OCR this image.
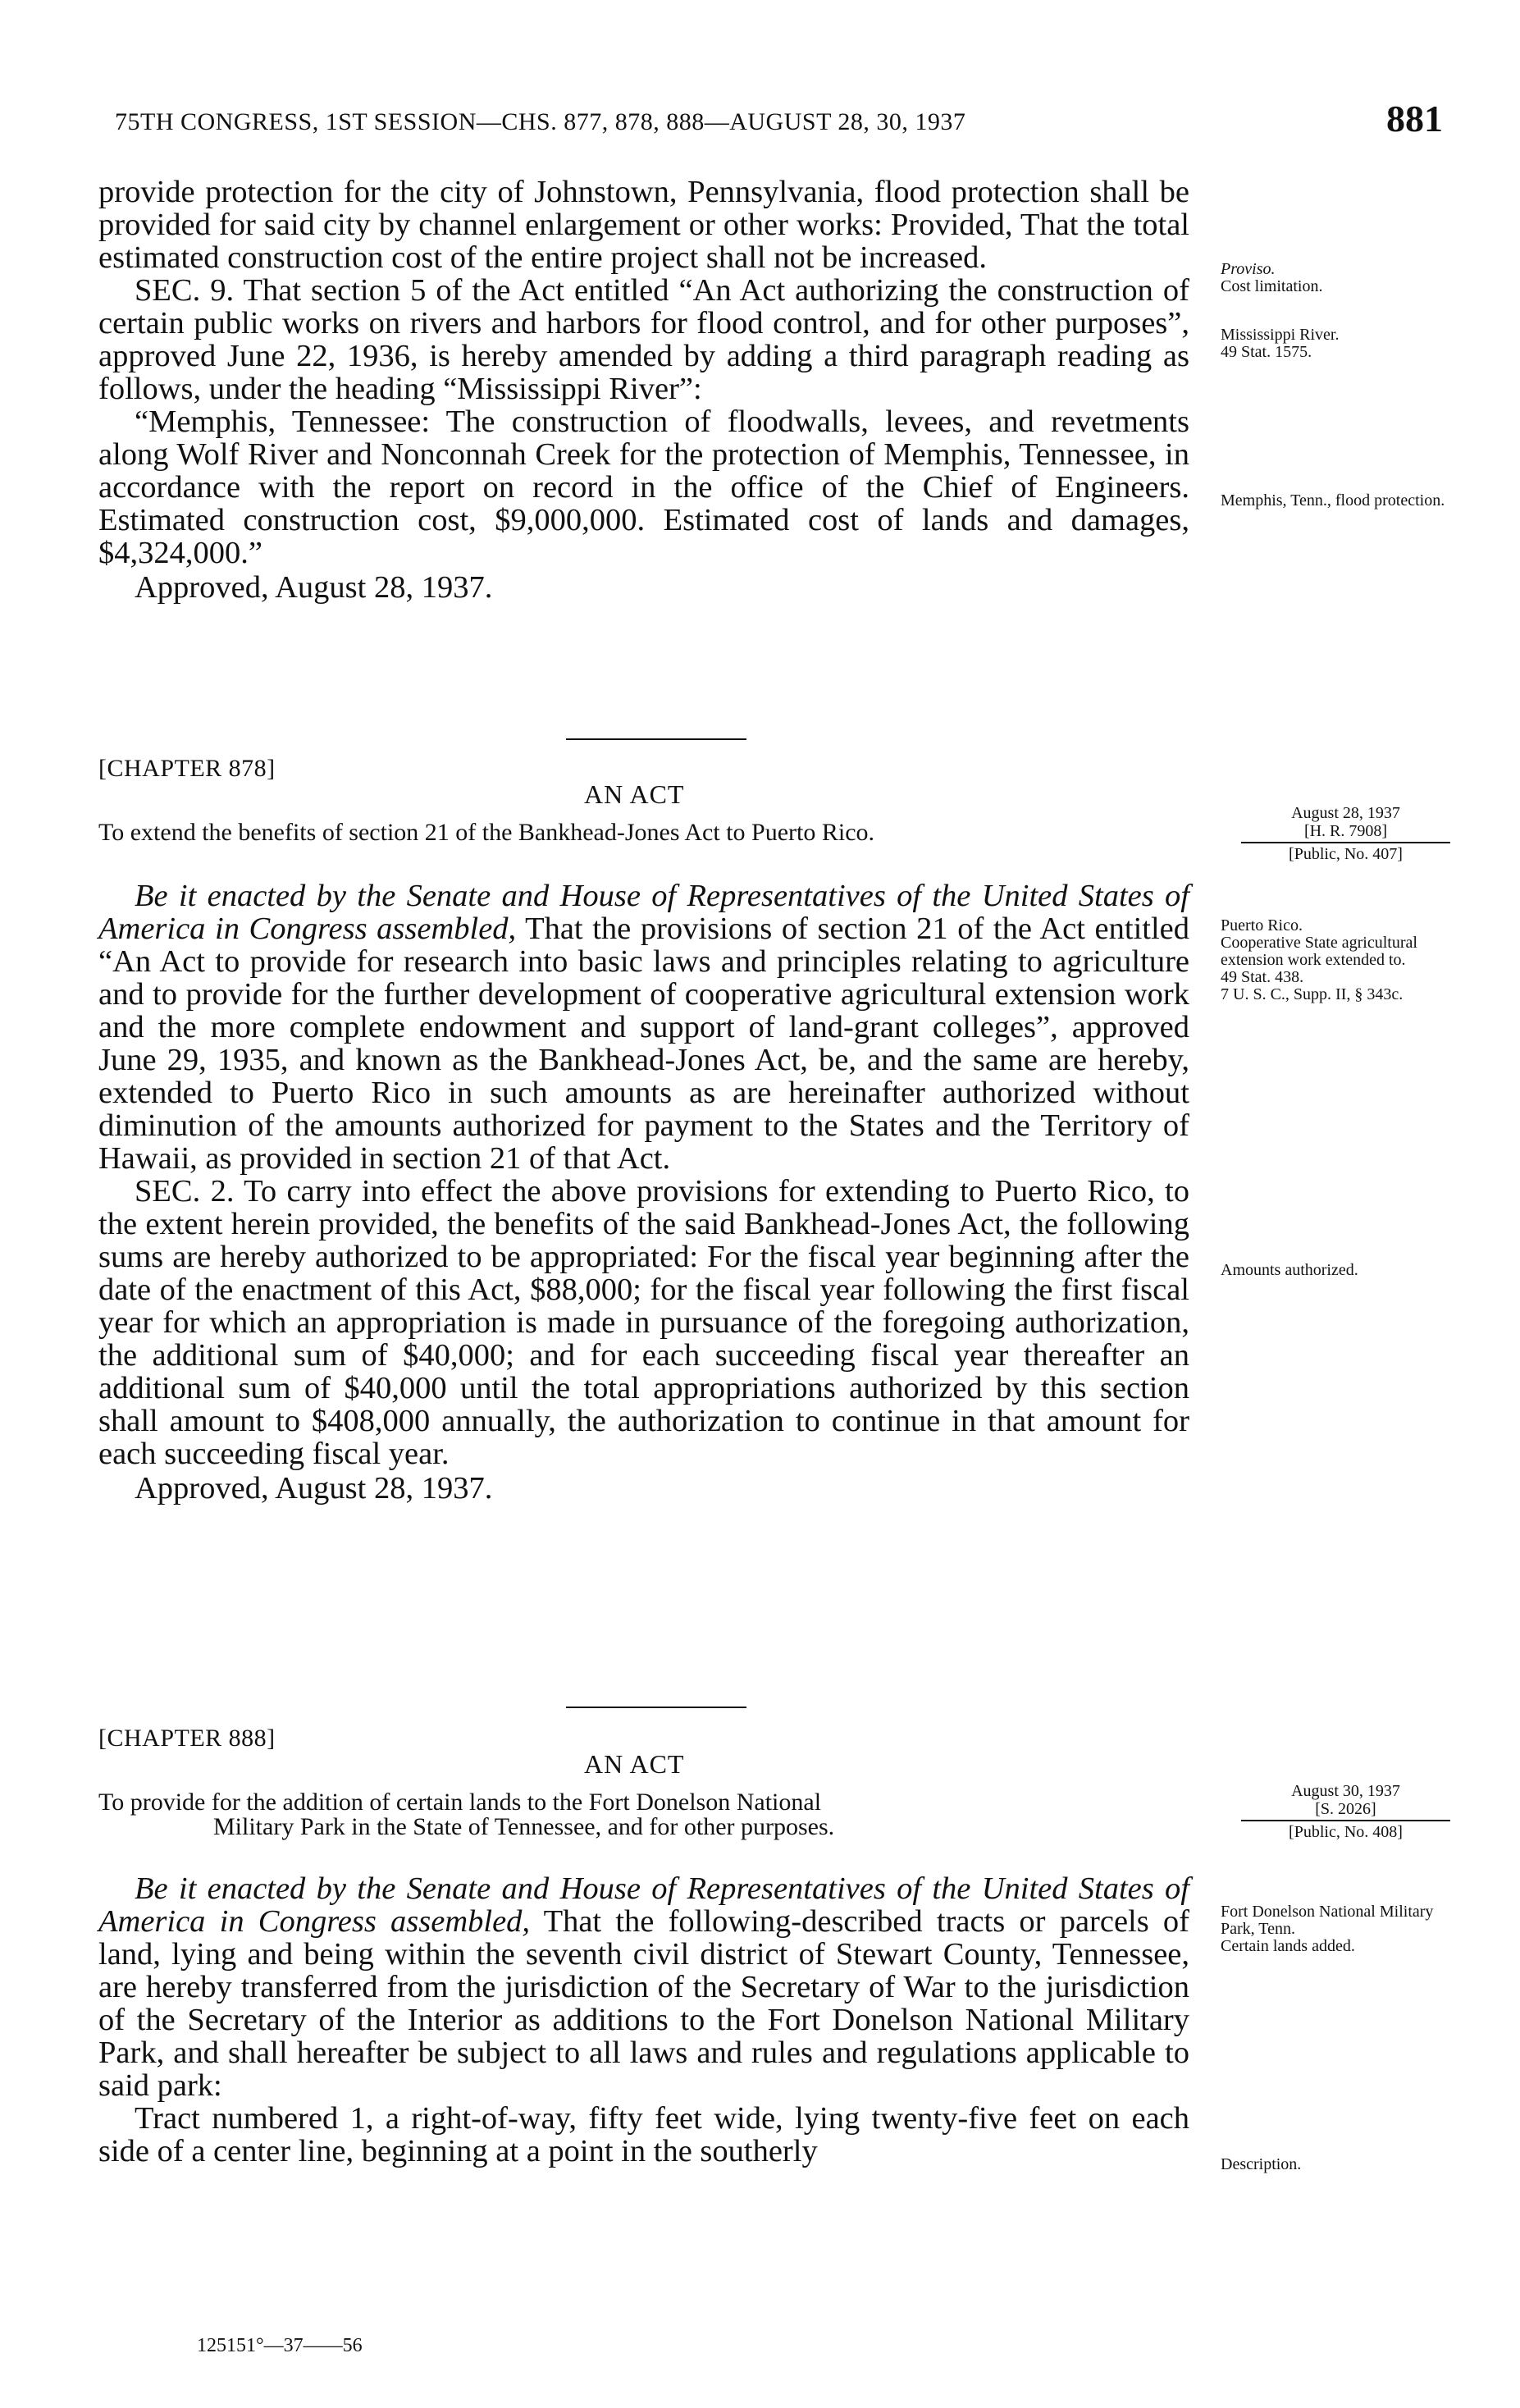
75TH CONGRESS, 1ST SESSION—CHS. 877, 878, 888—AUGUST 28, 30, 1937	881

provide protection for the city of Johnstown, Pennsylvania, flood protection shall be provided for said city by channel enlargement or other works: Provided, That the total estimated construction cost of the entire project shall not be increased.

SEC. 9. That section 5 of the Act entitled “An Act authorizing the construction of certain public works on rivers and harbors for flood control, and for other purposes”, approved June 22, 1936, is hereby amended by adding a third paragraph reading as follows, under the heading “Mississippi River”:

“Memphis, Tennessee: The construction of floodwalls, levees, and revetments along Wolf River and Nonconnah Creek for the protection of Memphis, Tennessee, in accordance with the report on record in the office of the Chief of Engineers. Estimated construction cost, $9,000,000. Estimated cost of lands and damages, $4,324,000.”

Approved, August 28, 1937.

Proviso.
Cost limitation.
Mississippi River.
49 Stat. 1575.
Memphis, Tenn., flood protection.
[CHAPTER 878]
AN ACT
To extend the benefits of section 21 of the Bankhead-Jones Act to Puerto Rico.
August 28, 1937
[H. R. 7908]
[Public, No. 407]

Be it enacted by the Senate and House of Representatives of the United States of America in Congress assembled, That the provisions of section 21 of the Act entitled “An Act to provide for research into basic laws and principles relating to agriculture and to provide for the further development of cooperative agricultural extension work and the more complete endowment and support of land-grant colleges”, approved June 29, 1935, and known as the Bankhead-Jones Act, be, and the same are hereby, extended to Puerto Rico in such amounts as are hereinafter authorized without diminution of the amounts authorized for payment to the States and the Territory of Hawaii, as provided in section 21 of that Act.

SEC. 2. To carry into effect the above provisions for extending to Puerto Rico, to the extent herein provided, the benefits of the said Bankhead-Jones Act, the following sums are hereby authorized to be appropriated: For the fiscal year beginning after the date of the enactment of this Act, $88,000; for the fiscal year following the first fiscal year for which an appropriation is made in pursuance of the foregoing authorization, the additional sum of $40,000; and for each succeeding fiscal year thereafter an additional sum of $40,000 until the total appropriations authorized by this section shall amount to $408,000 annually, the authorization to continue in that amount for each succeeding fiscal year.

Approved, August 28, 1937.

Puerto Rico.
Cooperative State agricultural extension work extended to.
49 Stat. 438.
7 U. S. C., Supp. II, § 343c.
Amounts authorized.
[CHAPTER 888]
AN ACT
To provide for the addition of certain lands to the Fort Donelson National
Military Park in the State of Tennessee, and for other purposes.
August 30, 1937
[S. 2026]
[Public, No. 408]

Be it enacted by the Senate and House of Representatives of the United States of America in Congress assembled, That the following-described tracts or parcels of land, lying and being within the seventh civil district of Stewart County, Tennessee, are hereby transferred from the jurisdiction of the Secretary of War to the jurisdiction of the Secretary of the Interior as additions to the Fort Donelson National Military Park, and shall hereafter be subject to all laws and rules and regulations applicable to said park:

Tract numbered 1, a right-of-way, fifty feet wide, lying twenty-five feet on each side of a center line, beginning at a point in the southerly

Fort Donelson National Military Park, Tenn.
Certain lands added.
Description.
125151°—37——56
